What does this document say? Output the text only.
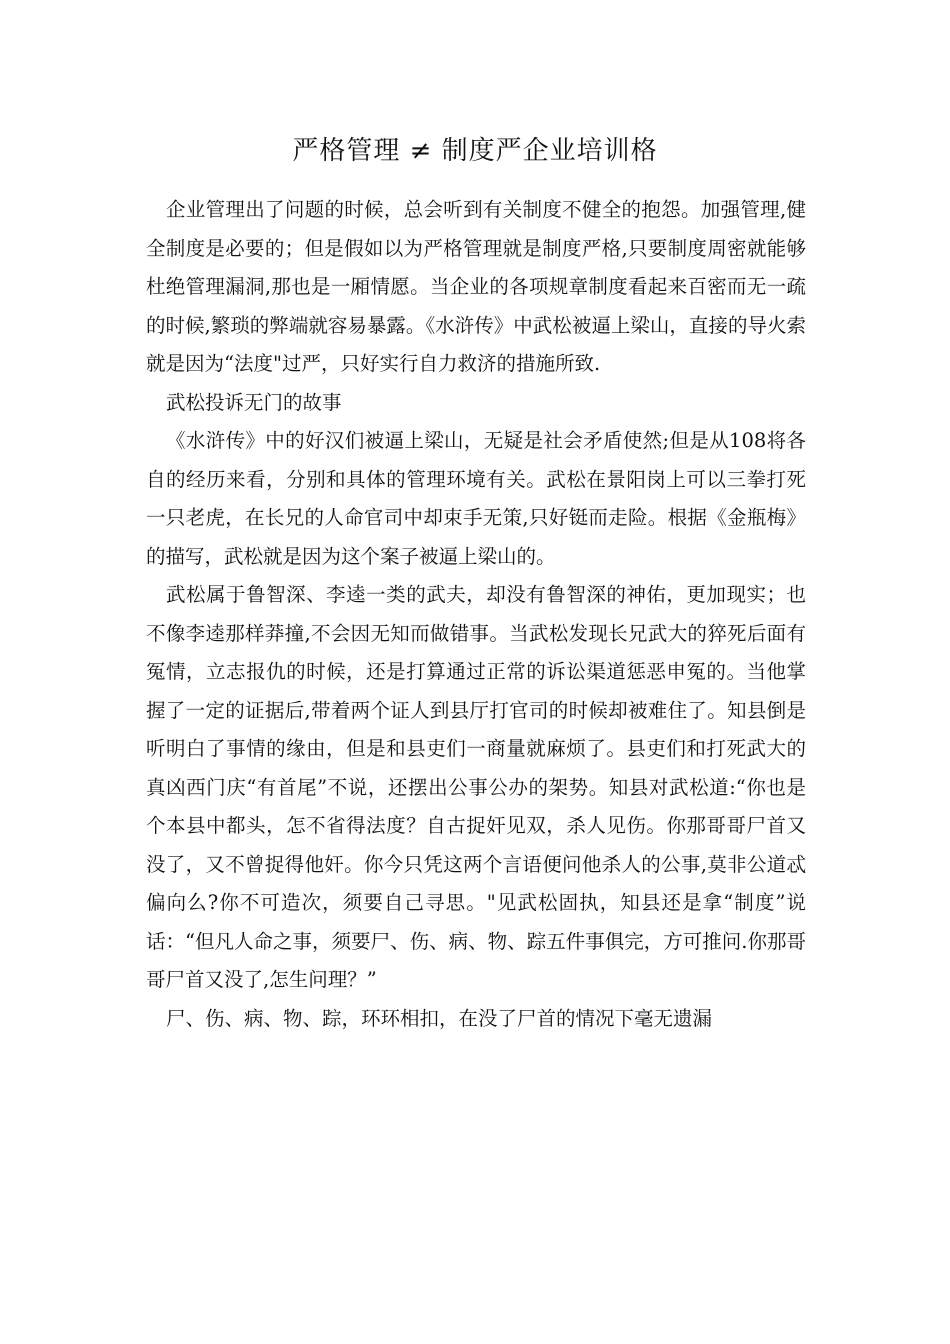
严格管理 ≠ 制度严企业培训格

企业管理出了问题的时候，总会听到有关制度不健全的抱怨。加强管理,健全制度是必要的；但是假如以为严格管理就是制度严格,只要制度周密就能够杜绝管理漏洞,那也是一厢情愿。当企业的各项规章制度看起来百密而无一疏的时候,繁琐的弊端就容易暴露。《水浒传》中武松被逼上梁山，直接的导火索就是因为“法度"过严，只好实行自力救济的措施所致.

武松投诉无门的故事

《水浒传》中的好汉们被逼上梁山，无疑是社会矛盾使然;但是从108将各自的经历来看，分别和具体的管理环境有关。武松在景阳岗上可以三拳打死一只老虎，在长兄的人命官司中却束手无策,只好铤而走险。根据《金瓶梅》的描写，武松就是因为这个案子被逼上梁山的。

武松属于鲁智深、李逵一类的武夫，却没有鲁智深的神佑，更加现实；也不像李逵那样莽撞,不会因无知而做错事。当武松发现长兄武大的猝死后面有冤情，立志报仇的时候，还是打算通过正常的诉讼渠道惩恶申冤的。当他掌握了一定的证据后,带着两个证人到县厅打官司的时候却被难住了。知县倒是听明白了事情的缘由，但是和县吏们一商量就麻烦了。县吏们和打死武大的真凶西门庆“有首尾”不说，还摆出公事公办的架势。知县对武松道:“你也是个本县中都头，怎不省得法度？自古捉奸见双，杀人见伤。你那哥哥尸首又没了，又不曾捉得他奸。你今只凭这两个言语便问他杀人的公事,莫非公道忒偏向么?你不可造次，须要自己寻思。"见武松固执，知县还是拿“制度”说话：“但凡人命之事，须要尸、伤、病、物、踪五件事俱完，方可推问.你那哥哥尸首又没了,怎生问理？”

尸、伤、病、物、踪，环环相扣，在没了尸首的情况下毫无遗漏
